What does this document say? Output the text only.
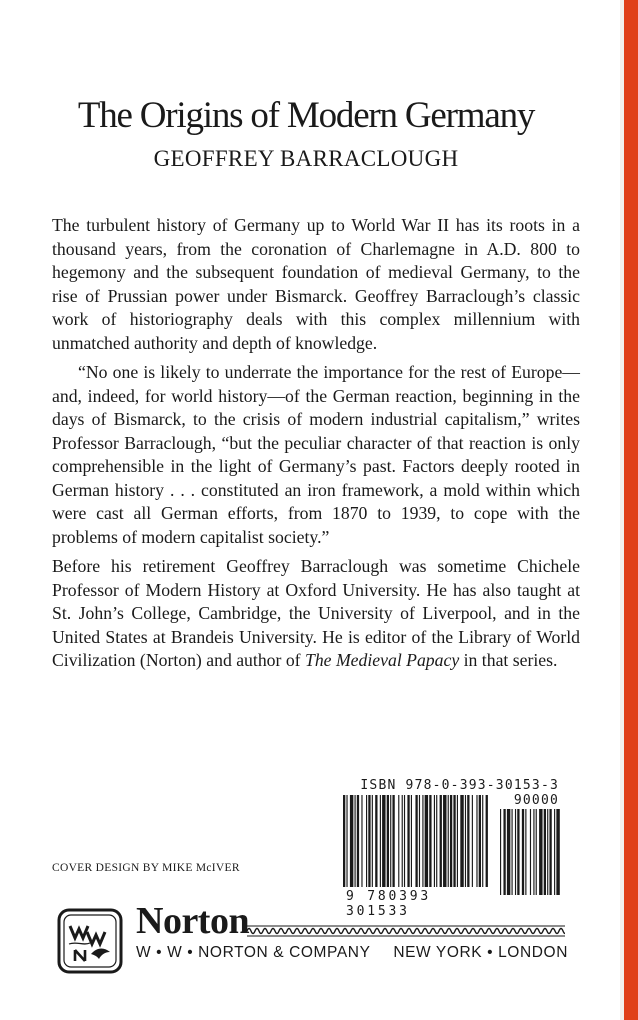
The Origins of Modern Germany
GEOFFREY BARRACLOUGH

The turbulent history of Germany up to World War II has its roots in a thousand years, from the coronation of Charlemagne in A.D. 800 to hegemony and the subsequent foundation of medieval Germany, to the rise of Prussian power under Bismarck. Geoffrey Barraclough’s classic work of historiography deals with this complex millennium with unmatched authority and depth of knowledge.

“No one is likely to underrate the importance for the rest of Europe—and, indeed, for world history—of the German reaction, beginning in the days of Bismarck, to the crisis of modern industrial capitalism,” writes Professor Barraclough, “but the peculiar character of that reaction is only comprehensible in the light of Germany’s past. Factors deeply rooted in German history . . . constituted an iron framework, a mold within which were cast all German efforts, from 1870 to 1939, to cope with the problems of modern capitalist society.”

Before his retirement Geoffrey Barraclough was sometime Chichele Professor of Modern History at Oxford University. He has also taught at St. John’s College, Cambridge, the University of Liverpool, and in the United States at Brandeis University. He is editor of the Library of World Civilization (Norton) and author of The Medieval Papacy in that series.

ISBN 978-0-393-30153-3
90000
9 780393 301533
COVER DESIGN BY MIKE McIVER
Norton
W • W • NORTON & COMPANY NEW YORK • LONDON
